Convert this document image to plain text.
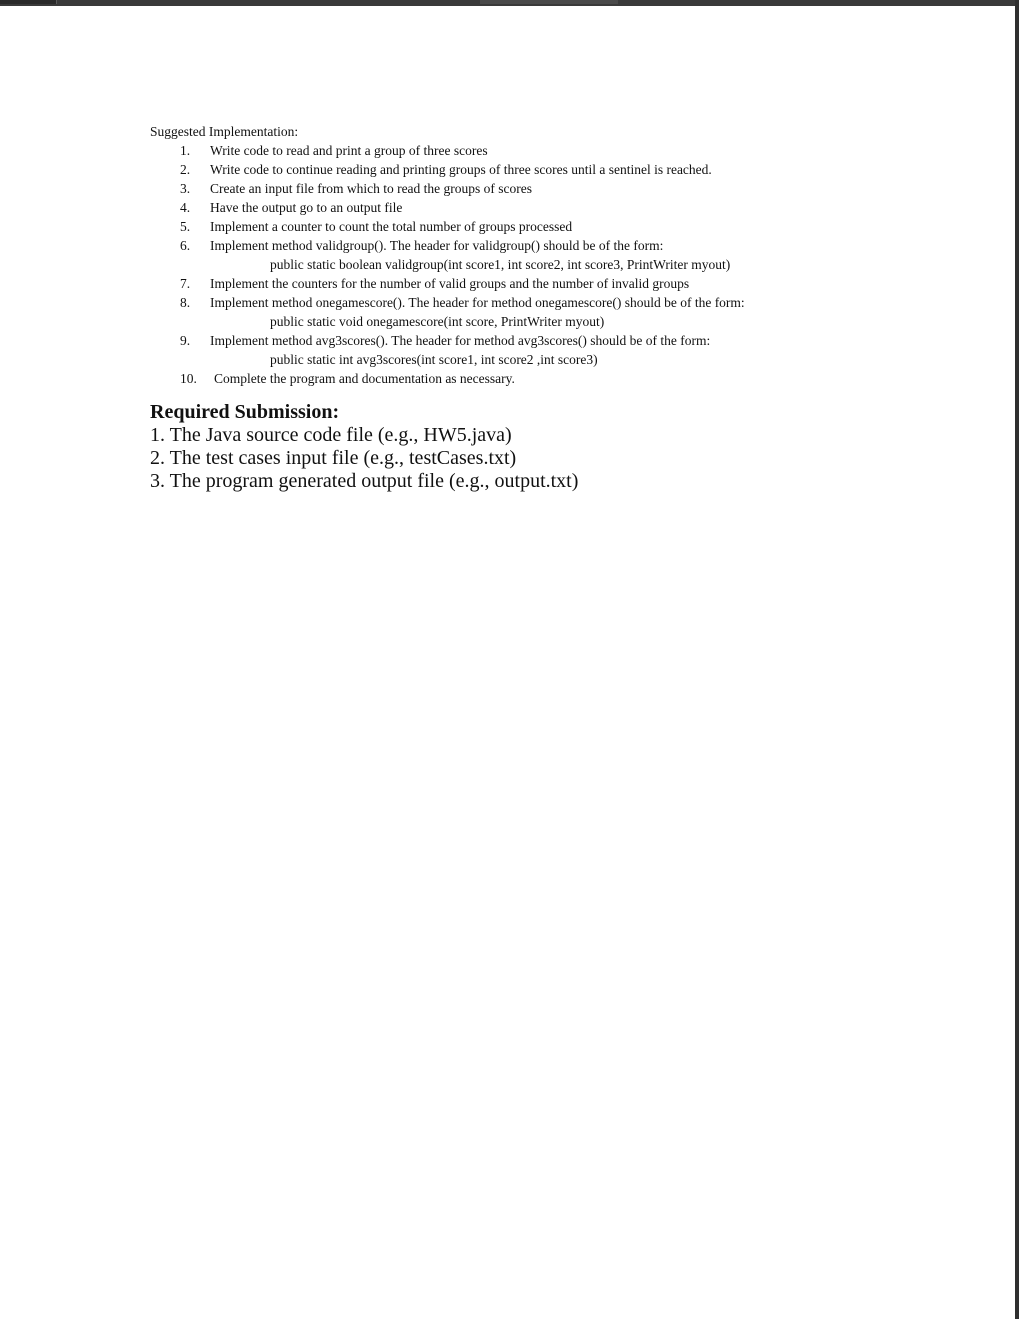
Suggested Implementation:
1.	Write code to read and print a group of three scores
2.	Write code to continue reading and printing groups of three scores until a sentinel is reached.
3.	Create an input file from which to read the groups of scores
4.	Have the output go to an output file
5.	Implement a counter to count the total number of groups processed
6.	Implement method validgroup(). The header for validgroup() should be of the form:
public static boolean validgroup(int score1, int score2, int score3, PrintWriter myout)
7.	Implement the counters for the number of valid groups and the number of invalid groups
8.	Implement method onegamescore(). The header for method onegamescore() should be of the form:
public static void onegamescore(int score, PrintWriter myout)
9.	Implement method avg3scores(). The header for method avg3scores() should be of the form:
public static int avg3scores(int score1, int score2 ,int score3)
10.	Complete the program and documentation as necessary.
Required Submission:
1. The Java source code file (e.g., HW5.java)
2. The test cases input file (e.g., testCases.txt)
3. The program generated output file (e.g., output.txt)
